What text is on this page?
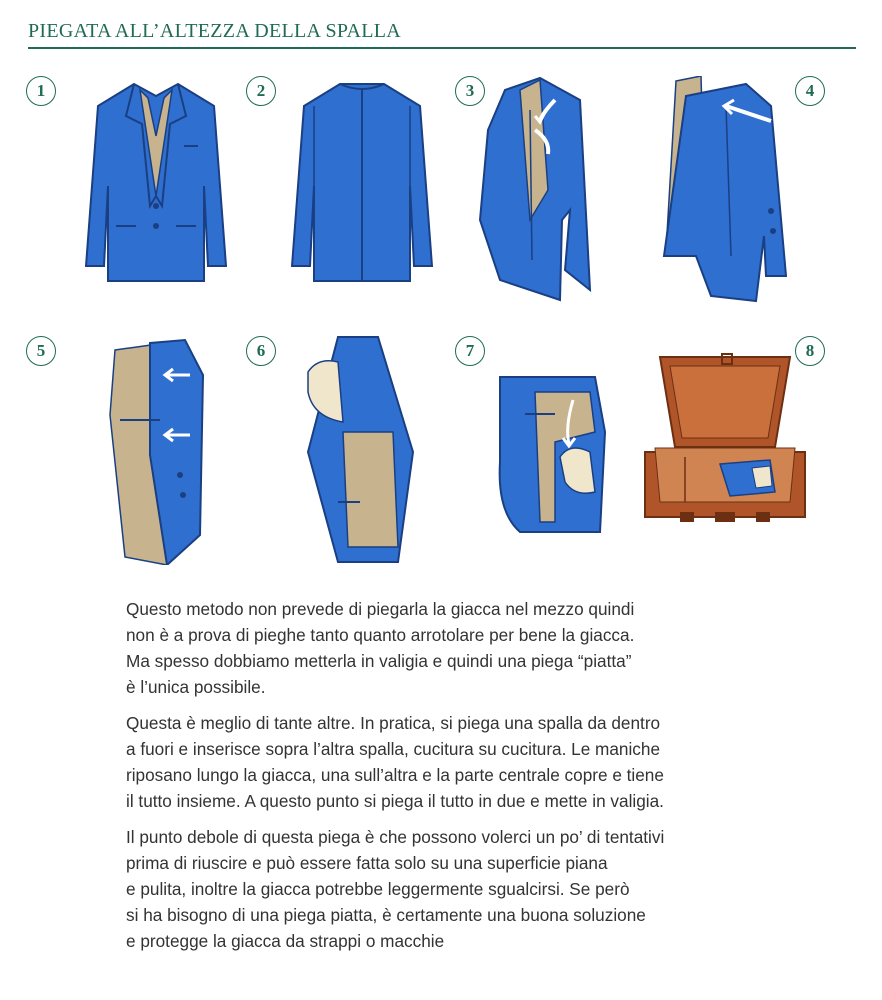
PIEGATA ALL’ALTEZZA DELLA SPALLA
1	2	3	4
5	6	7	8

Questo metodo non prevede di piegarla la giacca nel mezzo quindi
non è a prova di pieghe tanto quanto arrotolare per bene la giacca.
Ma spesso dobbiamo metterla in valigia e quindi una piega “piatta”
è l’unica possibile.

Questa è meglio di tante altre. In pratica, si piega una spalla da dentro
a fuori e inserisce sopra l’altra spalla, cucitura su cucitura. Le maniche
riposano lungo la giacca, una sull’altra e la parte centrale copre e tiene
il tutto insieme. A questo punto si piega il tutto in due e mette in valigia.

Il punto debole di questa piega è che possono volerci un po’ di tentativi
prima di riuscire e può essere fatta solo su una superficie piana
e pulita, inoltre la giacca potrebbe leggermente sgualcirsi. Se però
si ha bisogno di una piega piatta, è certamente una buona soluzione
e protegge la giacca da strappi o macchie
